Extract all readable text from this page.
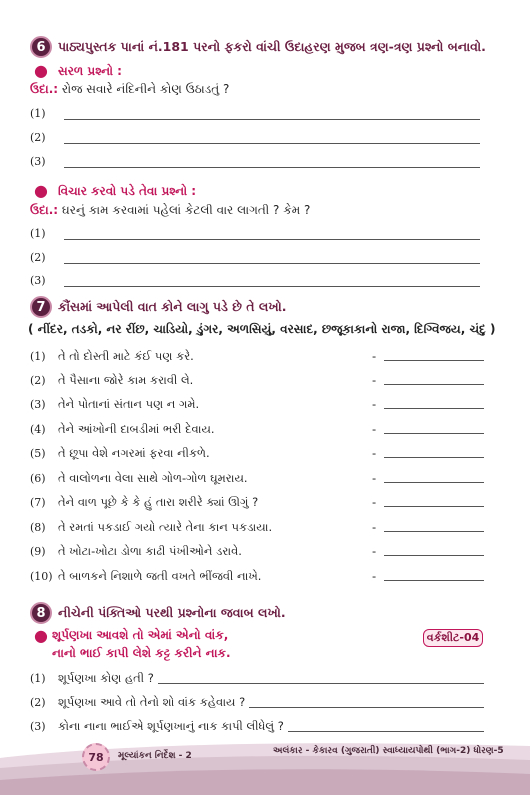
6 પાઠ્યપુસ્તક પાનાં નં.181 પરનો ફકરો વાંચી ઉદાહરણ મુજબ ત્રણ-ત્રણ પ્રશ્નો બનાવો.
● સરળ પ્રશ્નો :
ઉદા.: રોજ સવારે નંદિનીને કોણ ઉઠાડતું ?
(1)
(2)
(3)
● વિચાર કરવો પડે તેવા પ્રશ્નો :
ઉદા.: ઘરનું કામ કરવામાં પહેલાં કેટલી વાર લાગતી ? કેમ ?
(1)
(2)
(3)
7 કૌંસમાં આપેલી વાત કોને લાગુ પડે છે તે લખો.
( નીંદર, તડકો, નર રીંછ, ચાડિયો, ડુંગર, અળસિયું, વરસાદ, છજૂકાકાનો રાજા, દિગ્વિજય, ચંદુ )
(1)	તે તો દોસ્તી માટે કંઈ પણ કરે.	-
(2)	તે પૈસાના જોરે કામ કરાવી લે.	-
(3)	તેને પોતાનાં સંતાન પણ ન ગમે.	-
(4)	તેને આંખોની દાબડીમાં ભરી દેવાય.	-
(5)	તે છૂપા વેશે નગરમાં ફરવા નીકળે.	-
(6)	તે વાલોળના વેલા સાથે ગોળ-ગોળ ઘૂમરાય.	-
(7)	તેને વાળ પૂછે કે કે હું તારા શરીરે ક્યાં ઊગું ?	-
(8)	તે રમતાં પકડાઈ ગયો ત્યારે તેના કાન પકડાયા.	-
(9)	તે ખોટા-ખોટા ડોળા કાઢી પંખીઓને ડરાવે.	-
(10) તે બાળકને નિશાળે જતી વખતે ભીંજવી નાખે.	-
8 નીચેની પંક્તિઓ પરથી પ્રશ્નોના જવાબ લખો.
વર્કશીટ-04
● શૂર્પણખા આવશે તો એમાં એનો વાંક,
નાનો ભાઈ કાપી લેશે કટ્ટ કરીને નાક.
(1)	શૂર્પણખા કોણ હતી ?
(2)	શૂર્પણખા આવે તો તેનો શો વાંક કહેવાય ?
(3)	કોના નાના ભાઈએ શૂર્પણખાનું નાક કાપી લીધેલું ?
78	મૂલ્યાંકન નિર્દેશ - 2	અલંકાર - કેકારવ (ગુજરાતી) સ્વાધ્યાયપોથી (ભાગ-2) ધોરણ-5
